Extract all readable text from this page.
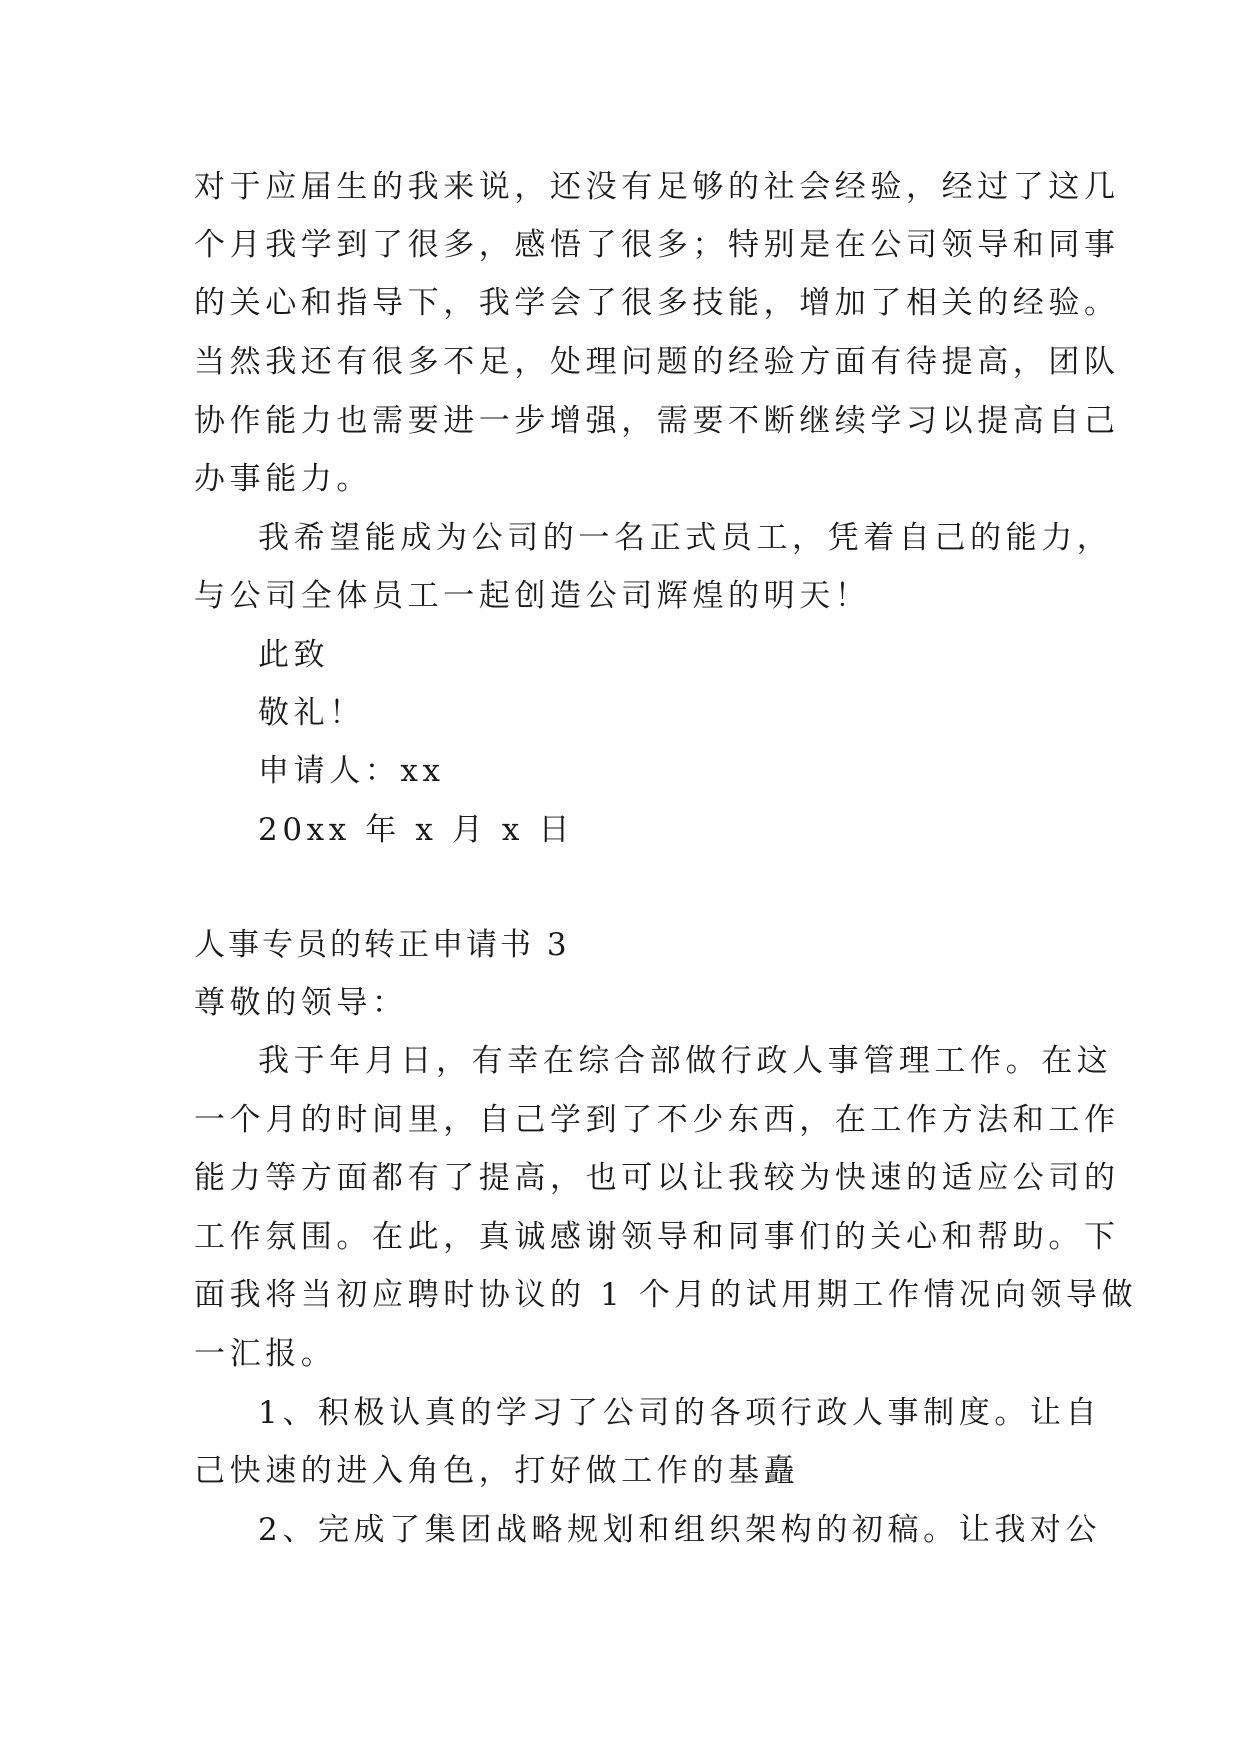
对于应届生的我来说，还没有足够的社会经验，经过了这几
个月我学到了很多，感悟了很多；特别是在公司领导和同事
的关心和指导下，我学会了很多技能，增加了相关的经验。
当然我还有很多不足，处理问题的经验方面有待提高，团队
协作能力也需要进一步增强，需要不断继续学习以提高自己
办事能力。
我希望能成为公司的一名正式员工，凭着自己的能力，
与公司全体员工一起创造公司辉煌的明天！
此致
敬礼！
申请人：xx
20xx 年 x 月 x 日
人事专员的转正申请书 3
尊敬的领导：
我于年月日，有幸在综合部做行政人事管理工作。在这
一个月的时间里，自己学到了不少东西，在工作方法和工作
能力等方面都有了提高，也可以让我较为快速的适应公司的
工作氛围。在此，真诚感谢领导和同事们的关心和帮助。下
面我将当初应聘时协议的 1 个月的试用期工作情况向领导做
一汇报。
1、积极认真的学习了公司的各项行政人事制度。让自
己快速的进入角色，打好做工作的基矗
2、完成了集团战略规划和组织架构的初稿。让我对公
